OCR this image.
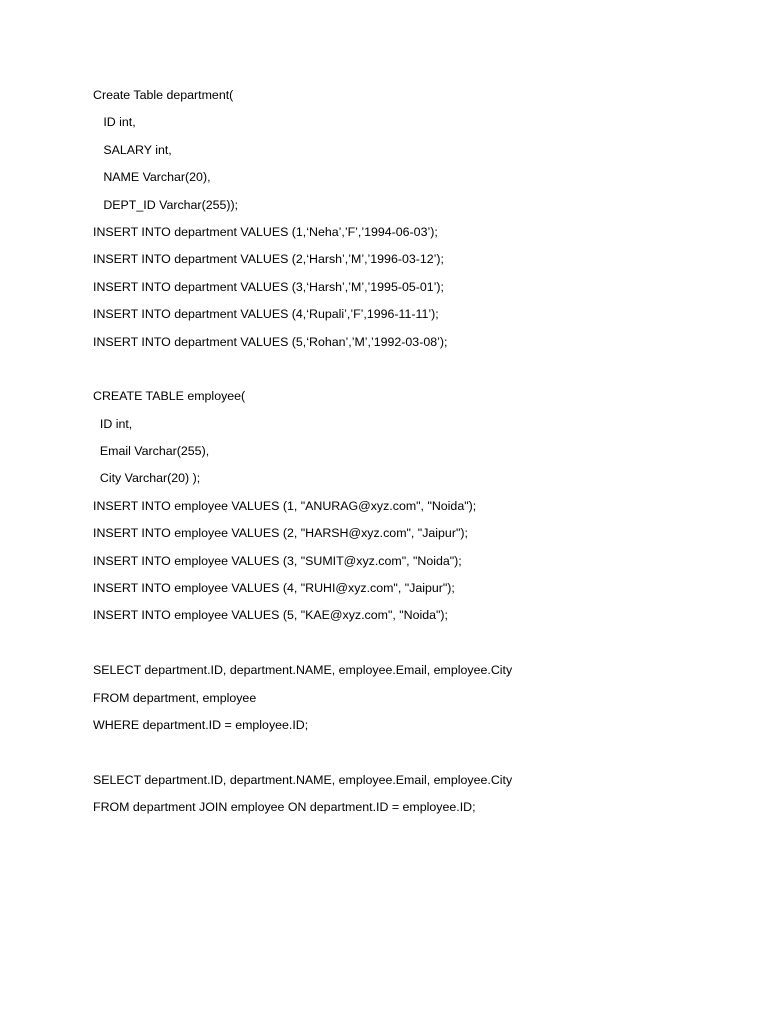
Create Table department(
ID int,
SALARY int,
NAME Varchar(20),
DEPT_ID Varchar(255));
INSERT INTO department VALUES (1,‘Neha’,’F’,’1994-06-03’);
INSERT INTO department VALUES (2,‘Harsh’,’M’,’1996-03-12’);
INSERT INTO department VALUES (3,‘Harsh’,’M’,’1995-05-01’);
INSERT INTO department VALUES (4,‘Rupali’,’F’,1996-11-11’);
INSERT INTO department VALUES (5,‘Rohan’,’M’,’1992-03-08’);
CREATE TABLE employee(
ID int,
Email Varchar(255),
City Varchar(20) );
INSERT INTO employee VALUES (1, "ANURAG@xyz.com", "Noida");
INSERT INTO employee VALUES (2, "HARSH@xyz.com", "Jaipur");
INSERT INTO employee VALUES (3, "SUMIT@xyz.com", "Noida");
INSERT INTO employee VALUES (4, "RUHI@xyz.com", "Jaipur");
INSERT INTO employee VALUES (5, "KAE@xyz.com", "Noida");
SELECT department.ID, department.NAME, employee.Email, employee.City
FROM department, employee
WHERE department.ID = employee.ID;
SELECT department.ID, department.NAME, employee.Email, employee.City
FROM department JOIN employee ON department.ID = employee.ID;
